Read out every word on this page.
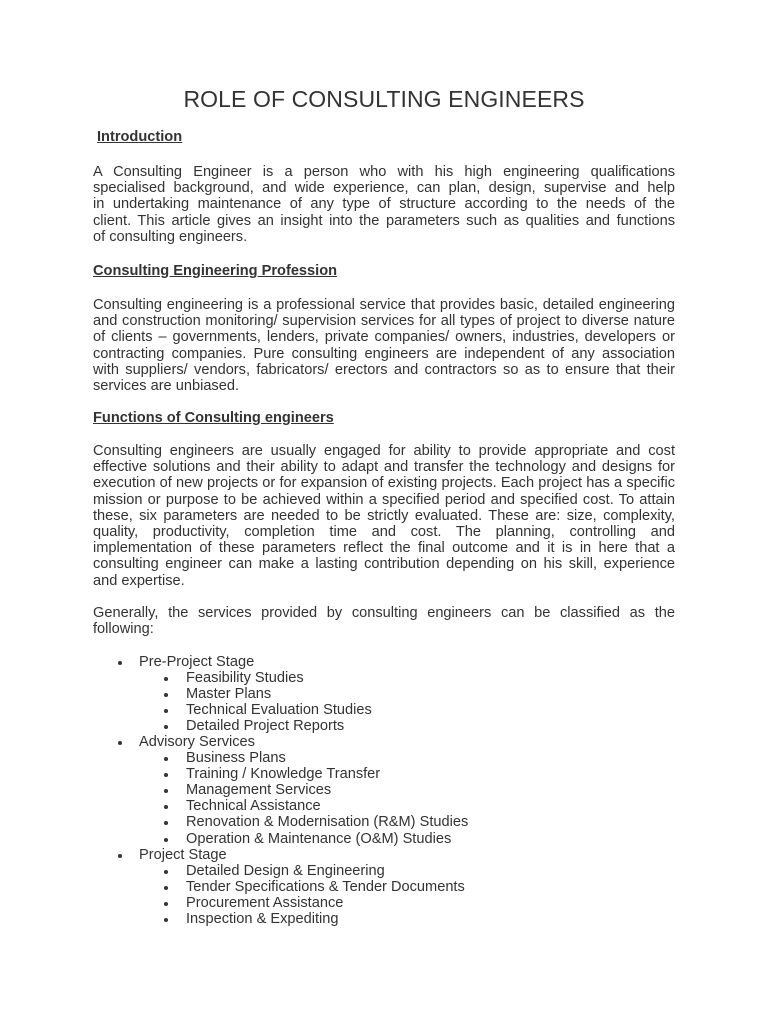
ROLE OF CONSULTING ENGINEERS
Introduction

A Consulting Engineer is a person who with his high engineering qualifications
specialised background, and wide experience, can plan, design, supervise and help
in undertaking maintenance of any type of structure according to the needs of the
client. This article gives an insight into the parameters such as qualities and functions
of consulting engineers.

Consulting Engineering Profession

Consulting engineering is a professional service that provides basic, detailed engineering
and construction monitoring/ supervision services for all types of project to diverse nature
of clients – governments, lenders, private companies/ owners, industries, developers or
contracting companies. Pure consulting engineers are independent of any association
with suppliers/ vendors, fabricators/ erectors and contractors so as to ensure that their
services are unbiased.

Functions of Consulting engineers

Consulting engineers are usually engaged for ability to provide appropriate and cost
effective solutions and their ability to adapt and transfer the technology and designs for
execution of new projects or for expansion of existing projects. Each project has a specific
mission or purpose to be achieved within a specified period and specified cost. To attain
these, six parameters are needed to be strictly evaluated. These are: size, complexity,
quality, productivity, completion time and cost. The planning, controlling and
implementation of these parameters reflect the final outcome and it is in here that a
consulting engineer can make a lasting contribution depending on his skill, experience
and expertise.

Generally, the services provided by consulting engineers can be classified as the
following:

Pre-Project Stage
Feasibility Studies
Master Plans
Technical Evaluation Studies
Detailed Project Reports
Advisory Services
Business Plans
Training / Knowledge Transfer
Management Services
Technical Assistance
Renovation & Modernisation (R&M) Studies
Operation & Maintenance (O&M) Studies
Project Stage
Detailed Design & Engineering
Tender Specifications & Tender Documents
Procurement Assistance
Inspection & Expediting
